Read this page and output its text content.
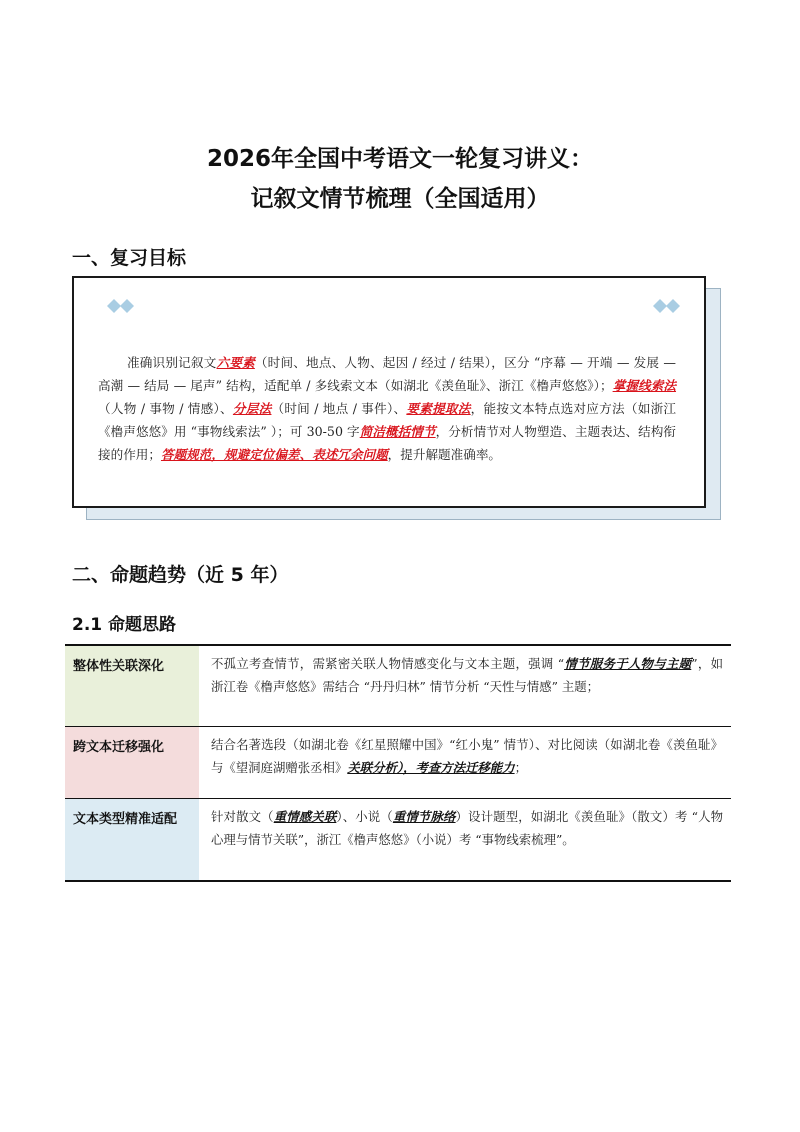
2026年全国中考语文一轮复习讲义：
记叙文情节梳理（全国适用）
一、复习目标
准确识别记叙文六要素（时间、地点、人物、起因 / 经过 / 结果），区分 “序幕 — 开端 — 发展 — 高潮 — 结局 — 尾声” 结构，适配单 / 多线索文本（如湖北《羡鱼耻》、浙江《橹声悠悠》）；掌握线索法（人物 / 事物 / 情感）、分层法（时间 / 地点 / 事件）、要素提取法，能按文本特点选对应方法（如浙江《橹声悠悠》用 “事物线索法” ）；可 30-50 字简洁概括情节，分析情节对人物塑造、主题表达、结构衔接的作用；答题规范，规避定位偏差、表述冗余问题，提升解题准确率。
二、命题趋势（近 5 年）
2.1 命题思路
整体性关联深化	不孤立考查情节，需紧密关联人物情感变化与文本主题，强调 “情节服务于人物与主题”，如浙江卷《橹声悠悠》需结合 “丹丹归林” 情节分析 “天性与情感” 主题；
跨文本迁移强化	结合名著选段（如湖北卷《红星照耀中国》“红小鬼” 情节）、对比阅读（如湖北卷《羡鱼耻》与《望洞庭湖赠张丞相》关联分析），考查方法迁移能力；
文本类型精准适配	针对散文（重情感关联）、小说（重情节脉络）设计题型，如湖北《羡鱼耻》（散文）考 “人物心理与情节关联”，浙江《橹声悠悠》（小说）考 “事物线索梳理”。
